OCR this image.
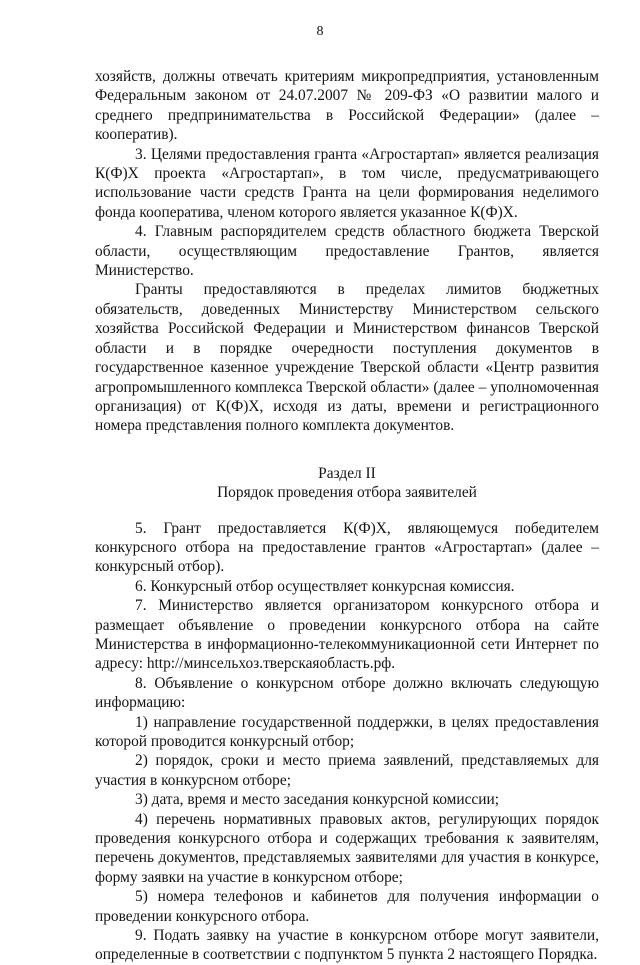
8

хозяйств, должны отвечать критериям микропредприятия, установленным Федеральным законом от 24.07.2007 № 209-ФЗ «О развитии малого и среднего предпринимательства в Российской Федерации» (далее – кооператив).

3. Целями предоставления гранта «Агростартап» является реализация К(Ф)Х проекта «Агростартап», в том числе, предусматривающего использование части средств Гранта на цели формирования неделимого фонда кооператива, членом которого является указанное К(Ф)Х.

4. Главным распорядителем средств областного бюджета Тверской области, осуществляющим предоставление Грантов, является Министерство.

Гранты предоставляются в пределах лимитов бюджетных обязательств, доведенных Министерству Министерством сельского хозяйства Российской Федерации и Министерством финансов Тверской области и в порядке очередности поступления документов в государственное казенное учреждение Тверской области «Центр развития агропромышленного комплекса Тверской области» (далее – уполномоченная организация) от К(Ф)Х, исходя из даты, времени и регистрационного номера представления полного комплекта документов.

Раздел II

Порядок проведения отбора заявителей

5. Грант предоставляется К(Ф)Х, являющемуся победителем конкурсного отбора на предоставление грантов «Агростартап» (далее – конкурсный отбор).

6. Конкурсный отбор осуществляет конкурсная комиссия.

7. Министерство является организатором конкурсного отбора и размещает объявление о проведении конкурсного отбора на сайте Министерства в информационно-телекоммуникационной сети Интернет по адресу: http://минсельхоз.тверскаяобласть.рф.

8. Объявление о конкурсном отборе должно включать следующую информацию:

1) направление государственной поддержки, в целях предоставления которой проводится конкурсный отбор;

2) порядок, сроки и место приема заявлений, представляемых для участия в конкурсном отборе;

3) дата, время и место заседания конкурсной комиссии;

4) перечень нормативных правовых актов, регулирующих порядок проведения конкурсного отбора и содержащих требования к заявителям, перечень документов, представляемых заявителями для участия в конкурсе, форму заявки на участие в конкурсном отборе;

5) номера телефонов и кабинетов для получения информации о проведении конкурсного отбора.

9. Подать заявку на участие в конкурсном отборе могут заявители, определенные в соответствии с подпунктом 5 пункта 2 настоящего Порядка.
